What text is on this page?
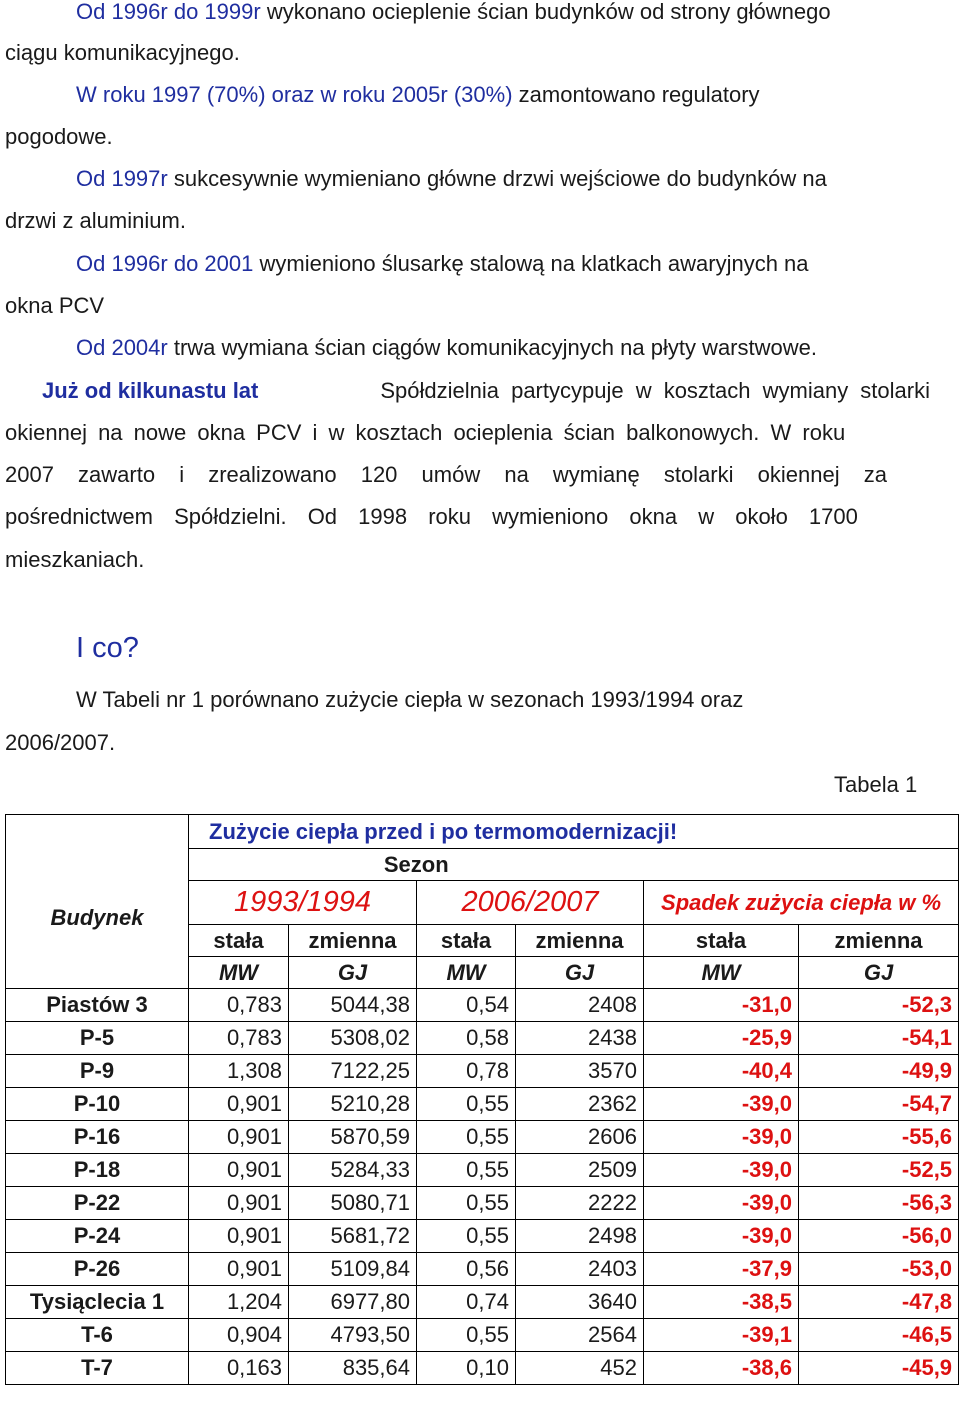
Od 1996r do 1999r wykonano ocieplenie ścian budynków od strony głównego
ciągu komunikacyjnego.
W roku 1997 (70%) oraz w roku 2005r (30%) zamontowano regulatory
pogodowe.
Od 1997r sukcesywnie wymieniano główne drzwi wejściowe do budynków na
drzwi z aluminium.
Od 1996r do 2001 wymieniono ślusarkę stalową na klatkach awaryjnych na
okna PCV
Od 2004r trwa wymiana ścian ciągów komunikacyjnych na płyty warstwowe.
Już od kilkunastu lat	Spółdzielnia partycypuje w kosztach wymiany stolarki
okiennej na nowe okna PCV i w kosztach ocieplenia ścian balkonowych. W roku
2007 zawarto i zrealizowano 120 umów na wymianę stolarki okiennej za
pośrednictwem Spółdzielni. Od 1998 roku wymieniono okna w około 1700
mieszkaniach.
I co?
W Tabeli nr 1 porównano zużycie ciepła w sezonach 1993/1994 oraz
2006/2007.
Tabela 1
	Zużycie ciepła przed i po termomodernizacji!					
Budynek	Sezon					
	1993/1994		2006/2007		Spadek zużycia ciepła w %	
	stała	zmienna	stała	zmienna	stała	zmienna
	MW	GJ	MW	GJ	MW	GJ
Piastów 3	0,783	5044,38	0,54	2408	-31,0	-52,3
P-5	0,783	5308,02	0,58	2438	-25,9	-54,1
P-9	1,308	7122,25	0,78	3570	-40,4	-49,9
P-10	0,901	5210,28	0,55	2362	-39,0	-54,7
P-16	0,901	5870,59	0,55	2606	-39,0	-55,6
P-18	0,901	5284,33	0,55	2509	-39,0	-52,5
P-22	0,901	5080,71	0,55	2222	-39,0	-56,3
P-24	0,901	5681,72	0,55	2498	-39,0	-56,0
P-26	0,901	5109,84	0,56	2403	-37,9	-53,0
Tysiąclecia 1	1,204	6977,80	0,74	3640	-38,5	-47,8
T-6	0,904	4793,50	0,55	2564	-39,1	-46,5
T-7	0,163	835,64	0,10	452	-38,6	-45,9
